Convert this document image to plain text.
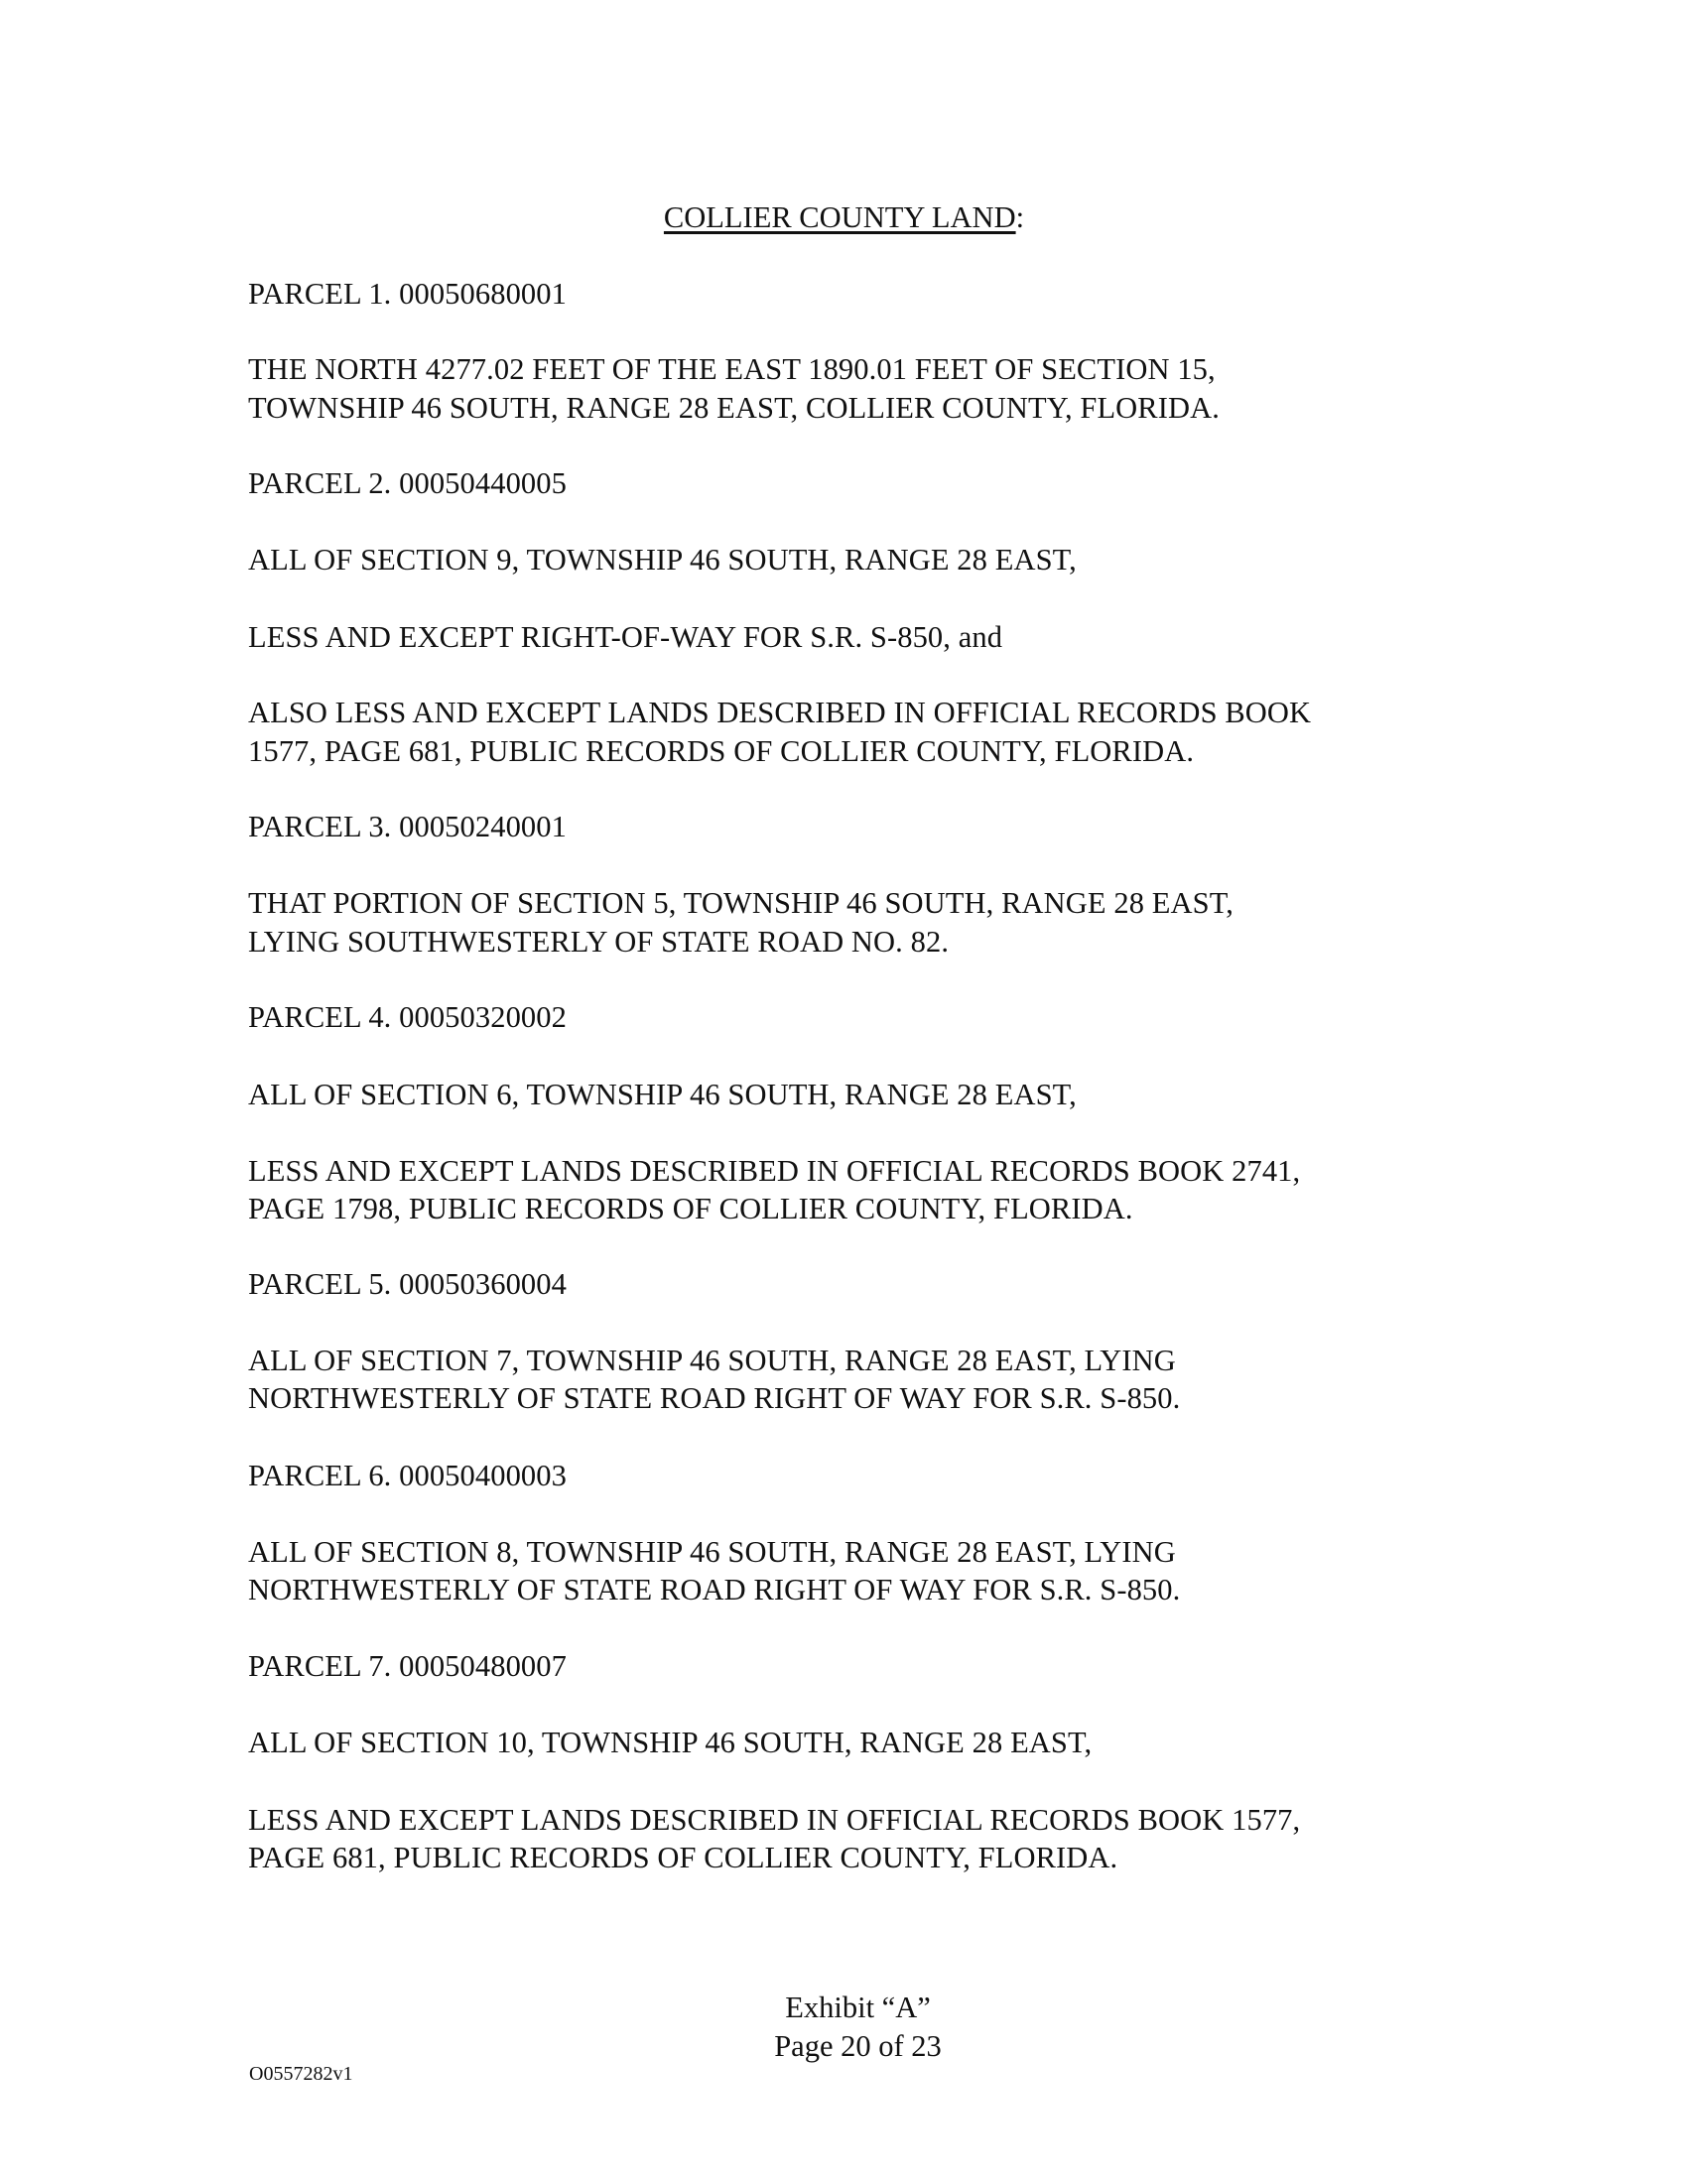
COLLIER COUNTY LAND:
PARCEL 1. 00050680001
THE NORTH 4277.02 FEET OF THE EAST 1890.01 FEET OF SECTION 15,
TOWNSHIP 46 SOUTH, RANGE 28 EAST, COLLIER COUNTY, FLORIDA.
PARCEL 2. 00050440005
ALL OF SECTION 9, TOWNSHIP 46 SOUTH, RANGE 28 EAST,
LESS AND EXCEPT RIGHT-OF-WAY FOR S.R. S-850, and
ALSO LESS AND EXCEPT LANDS DESCRIBED IN OFFICIAL RECORDS BOOK
1577, PAGE 681, PUBLIC RECORDS OF COLLIER COUNTY, FLORIDA.
PARCEL 3. 00050240001
THAT PORTION OF SECTION 5, TOWNSHIP 46 SOUTH, RANGE 28 EAST,
LYING SOUTHWESTERLY OF STATE ROAD NO. 82.
PARCEL 4. 00050320002
ALL OF SECTION 6, TOWNSHIP 46 SOUTH, RANGE 28 EAST,
LESS AND EXCEPT LANDS DESCRIBED IN OFFICIAL RECORDS BOOK 2741,
PAGE 1798, PUBLIC RECORDS OF COLLIER COUNTY, FLORIDA.
PARCEL 5. 00050360004
ALL OF SECTION 7, TOWNSHIP 46 SOUTH, RANGE 28 EAST, LYING
NORTHWESTERLY OF STATE ROAD RIGHT OF WAY FOR S.R. S-850.
PARCEL 6. 00050400003
ALL OF SECTION 8, TOWNSHIP 46 SOUTH, RANGE 28 EAST, LYING
NORTHWESTERLY OF STATE ROAD RIGHT OF WAY FOR S.R. S-850.
PARCEL 7. 00050480007
ALL OF SECTION 10, TOWNSHIP 46 SOUTH, RANGE 28 EAST,
LESS AND EXCEPT LANDS DESCRIBED IN OFFICIAL RECORDS BOOK 1577,
PAGE 681, PUBLIC RECORDS OF COLLIER COUNTY, FLORIDA.
Exhibit “A”
Page 20 of 23
O0557282v1
